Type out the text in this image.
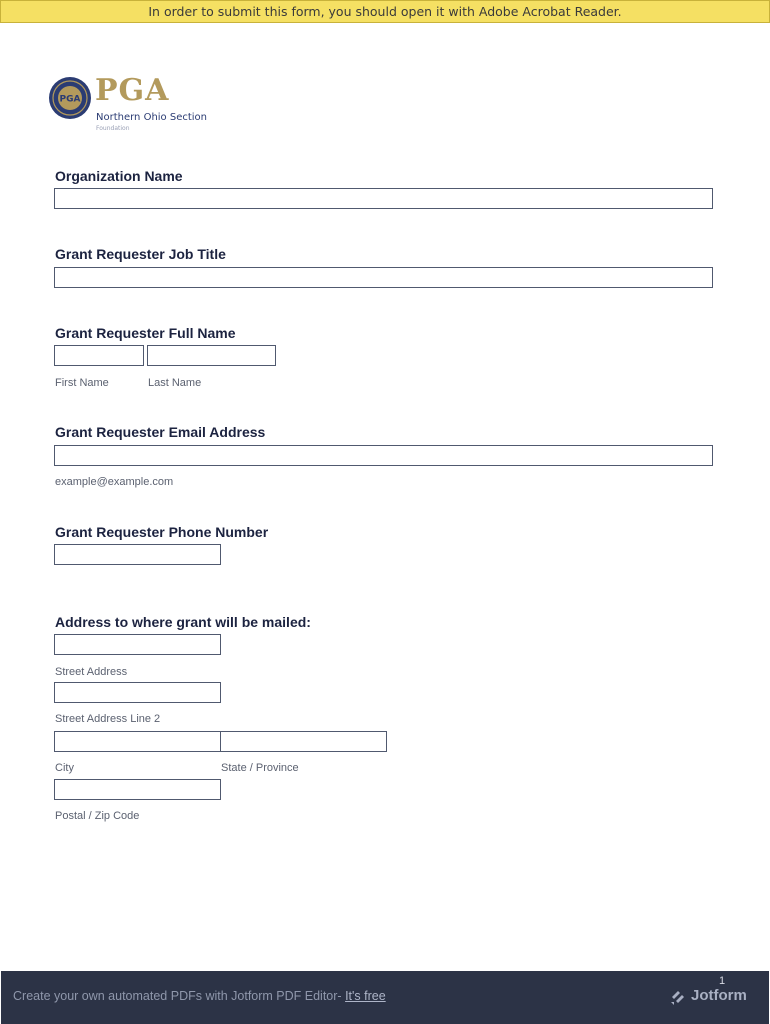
In order to submit this form, you should open it with Adobe Acrobat Reader.
PGA PGA
Northern Ohio Section
Foundation
Organization Name
Grant Requester Job Title
Grant Requester Full Name
First Name	Last Name
Grant Requester Email Address
example@example.com
Grant Requester Phone Number
Address to where grant will be mailed:
Street Address
Street Address Line 2
City	State / Province
Postal / Zip Code
1
Create your own automated PDFs with Jotform PDF Editor- It's free	Jotform
